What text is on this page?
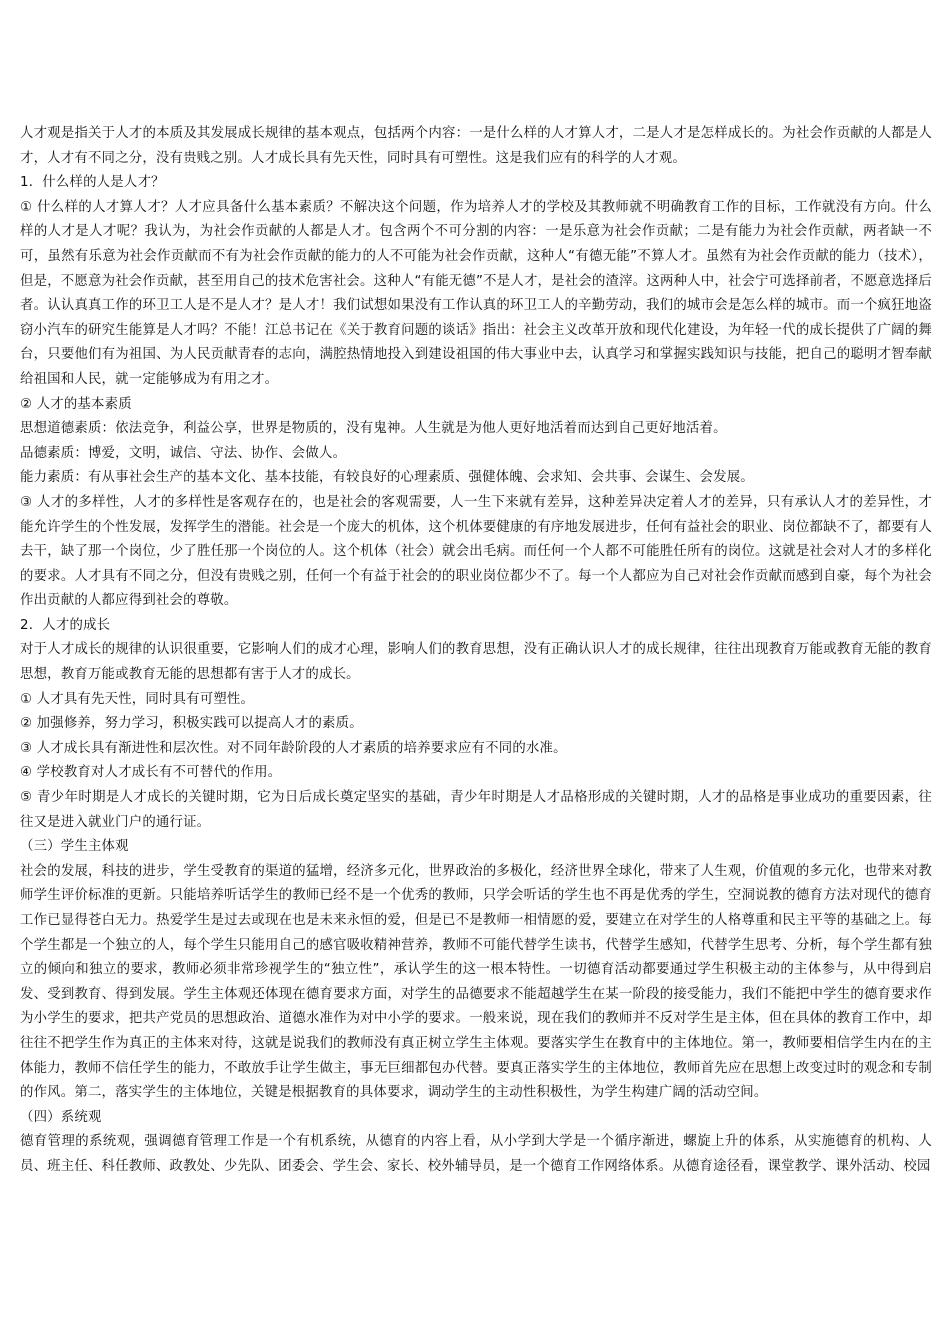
人才观是指关于人才的本质及其发展成长规律的基本观点，包括两个内容：一是什么样的人才算人才，二是人才是怎样成长的。为社会作贡献的人都是人才，人才有不同之分，没有贵贱之别。人才成长具有先天性，同时具有可塑性。这是我们应有的科学的人才观。

1．什么样的人是人才？

① 什么样的人才算人才？人才应具备什么基本素质？不解决这个问题，作为培养人才的学校及其教师就不明确教育工作的目标，工作就没有方向。什么样的人才是人才呢？我认为，为社会作贡献的人都是人才。包含两个不可分割的内容：一是乐意为社会作贡献；二是有能力为社会作贡献，两者缺一不可，虽然有乐意为社会作贡献而不有为社会作贡献的能力的人不可能为社会作贡献，这种人“有德无能”不算人才。虽然有为社会作贡献的能力（技术），但是，不愿意为社会作贡献，甚至用自己的技术危害社会。这种人“有能无德”不是人才，是社会的渣滓。这两种人中，社会宁可选择前者，不愿意选择后者。认认真真工作的环卫工人是不是人才？是人才！我们试想如果没有工作认真的环卫工人的辛勤劳动，我们的城市会是怎么样的城市。而一个疯狂地盗窃小汽车的研究生能算是人才吗？不能！江总书记在《关于教育问题的谈话》指出：社会主义改革开放和现代化建设，为年轻一代的成长提供了广阔的舞台，只要他们有为祖国、为人民贡献青春的志向，满腔热情地投入到建设祖国的伟大事业中去，认真学习和掌握实践知识与技能，把自己的聪明才智奉献给祖国和人民，就一定能够成为有用之才。

② 人才的基本素质

思想道德素质：依法竞争，利益公享，世界是物质的，没有鬼神。人生就是为他人更好地活着而达到自己更好地活着。

品德素质：博爱，文明，诚信、守法、协作、会做人。

能力素质：有从事社会生产的基本文化、基本技能，有较良好的心理素质、强健体魄、会求知、会共事、会谋生、会发展。

③ 人才的多样性，人才的多样性是客观存在的，也是社会的客观需要，人一生下来就有差异，这种差异决定着人才的差异，只有承认人才的差异性，才能允许学生的个性发展，发挥学生的潜能。社会是一个庞大的机体，这个机体要健康的有序地发展进步，任何有益社会的职业、岗位都缺不了，都要有人去干，缺了那一个岗位，少了胜任那一个岗位的人。这个机体（社会）就会出毛病。而任何一个人都不可能胜任所有的岗位。这就是社会对人才的多样化的要求。人才具有不同之分，但没有贵贱之别，任何一个有益于社会的的职业岗位都少不了。每一个人都应为自己对社会作贡献而感到自豪，每个为社会作出贡献的人都应得到社会的尊敬。

2．人才的成长

对于人才成长的规律的认识很重要，它影响人们的成才心理，影响人们的教育思想，没有正确认识人才的成长规律，往往出现教育万能或教育无能的教育思想，教育万能或教育无能的思想都有害于人才的成长。

① 人才具有先天性，同时具有可塑性。

② 加强修养，努力学习，积极实践可以提高人才的素质。

③ 人才成长具有渐进性和层次性。对不同年龄阶段的人才素质的培养要求应有不同的水准。

④ 学校教育对人才成长有不可替代的作用。

⑤ 青少年时期是人才成长的关键时期，它为日后成长奠定坚实的基础，青少年时期是人才品格形成的关键时期，人才的品格是事业成功的重要因素，往往又是进入就业门户的通行证。

（三）学生主体观

社会的发展，科技的进步，学生受教育的渠道的猛增，经济多元化，世界政治的多极化，经济世界全球化，带来了人生观，价值观的多元化，也带来对教师学生评价标准的更新。只能培养听话学生的教师已经不是一个优秀的教师，只学会听话的学生也不再是优秀的学生，空洞说教的德育方法对现代的德育工作已显得苍白无力。热爱学生是过去或现在也是未来永恒的爱，但是已不是教师一相情愿的爱，要建立在对学生的人格尊重和民主平等的基础之上。每个学生都是一个独立的人，每个学生只能用自己的感官吸收精神营养，教师不可能代替学生读书，代替学生感知，代替学生思考、分析，每个学生都有独立的倾向和独立的要求，教师必须非常珍视学生的“独立性”，承认学生的这一根本特性。一切德育活动都要通过学生积极主动的主体参与，从中得到启发、受到教育、得到发展。学生主体观还体现在德育要求方面，对学生的品德要求不能超越学生在某一阶段的接受能力，我们不能把中学生的德育要求作为小学生的要求，把共产党员的思想政治、道德水准作为对中小学的要求。一般来说，现在我们的教师并不反对学生是主体，但在具体的教育工作中，却往往不把学生作为真正的主体来对待，这就是说我们的教师没有真正树立学生主体观。要落实学生在教育中的主体地位。第一，教师要相信学生内在的主体能力，教师不信任学生的能力，不敢放手让学生做主，事无巨细都包办代替。要真正落实学生的主体地位，教师首先应在思想上改变过时的观念和专制的作风。第二，落实学生的主体地位，关键是根据教育的具体要求，调动学生的主动性积极性，为学生构建广阔的活动空间。

（四）系统观

德育管理的系统观，强调德育管理工作是一个有机系统，从德育的内容上看，从小学到大学是一个循序渐进，螺旋上升的体系，从实施德育的机构、人员、班主任、科任教师、政教处、少先队、团委会、学生会、家长、校外辅导员，是一个德育工作网络体系。从德育途径看，课堂教学、课外活动、校园
